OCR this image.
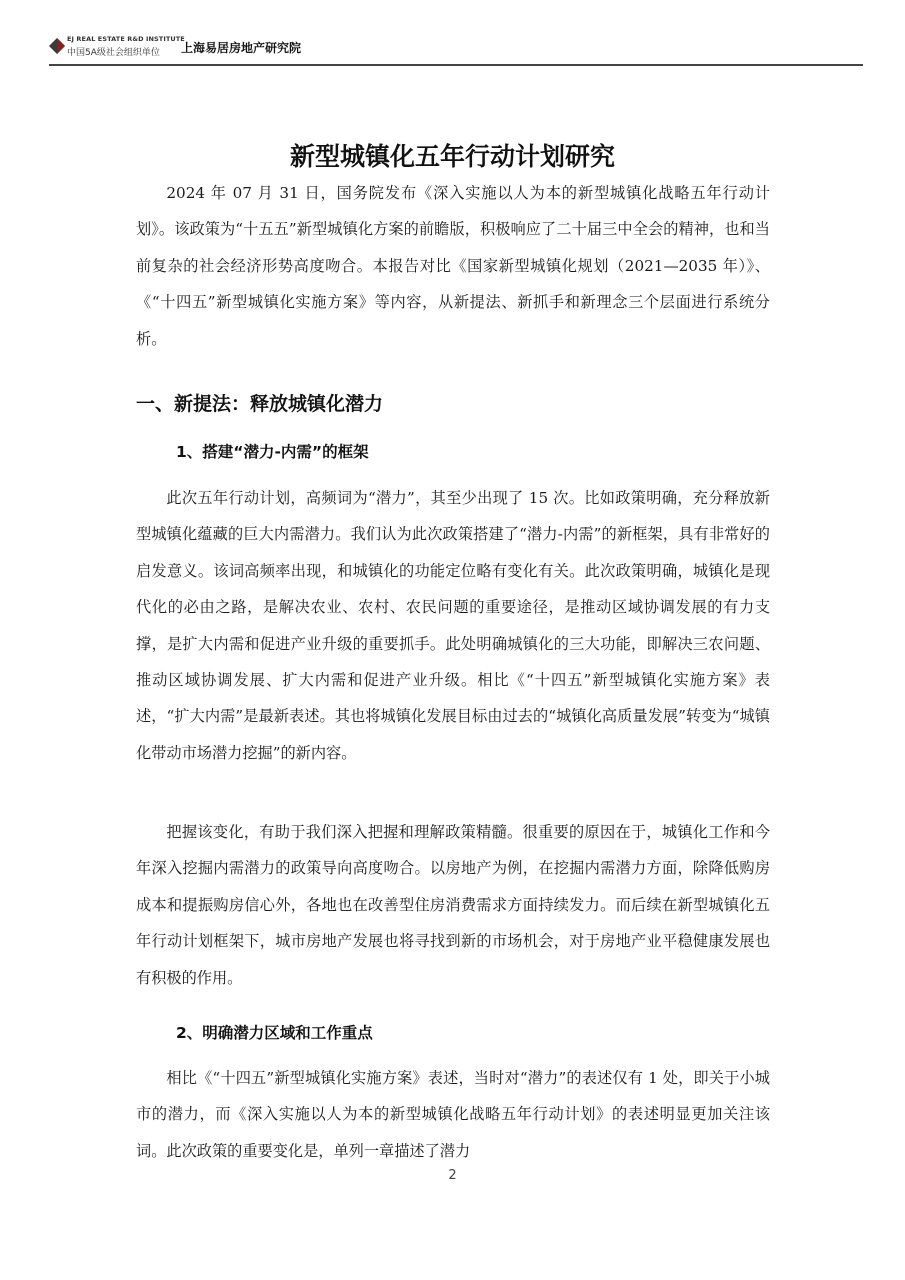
EJ REAL ESTATE R&D INSTITUTE
中国5A级社会组织单位 上海易居房地产研究院
新型城镇化五年行动计划研究

2024 年 07 月 31 日，国务院发布《深入实施以人为本的新型城镇化战略五年行动计划》。该政策为“十五五”新型城镇化方案的前瞻版，积极响应了二十届三中全会的精神，也和当前复杂的社会经济形势高度吻合。本报告对比《国家新型城镇化规划（2021—2035 年）》、《“十四五”新型城镇化实施方案》等内容，从新提法、新抓手和新理念三个层面进行系统分析。

一、新提法：释放城镇化潜力
1、搭建“潜力-内需”的框架

此次五年行动计划，高频词为“潜力”，其至少出现了 15 次。比如政策明确，充分释放新型城镇化蕴藏的巨大内需潜力。我们认为此次政策搭建了“潜力-内需”的新框架，具有非常好的启发意义。该词高频率出现，和城镇化的功能定位略有变化有关。此次政策明确，城镇化是现代化的必由之路，是解决农业、农村、农民问题的重要途径，是推动区域协调发展的有力支撑，是扩大内需和促进产业升级的重要抓手。此处明确城镇化的三大功能，即解决三农问题、推动区域协调发展、扩大内需和促进产业升级。相比《“十四五”新型城镇化实施方案》表述，“扩大内需”是最新表述。其也将城镇化发展目标由过去的“城镇化高质量发展”转变为“城镇化带动市场潜力挖掘”的新内容。

把握该变化，有助于我们深入把握和理解政策精髓。很重要的原因在于，城镇化工作和今年深入挖掘内需潜力的政策导向高度吻合。以房地产为例，在挖掘内需潜力方面，除降低购房成本和提振购房信心外，各地也在改善型住房消费需求方面持续发力。而后续在新型城镇化五年行动计划框架下，城市房地产发展也将寻找到新的市场机会，对于房地产业平稳健康发展也有积极的作用。

2、明确潜力区域和工作重点

相比《“十四五”新型城镇化实施方案》表述，当时对“潜力”的表述仅有 1 处，即关于小城市的潜力，而《深入实施以人为本的新型城镇化战略五年行动计划》的表述明显更加关注该词。此次政策的重要变化是，单列一章描述了潜力

2
